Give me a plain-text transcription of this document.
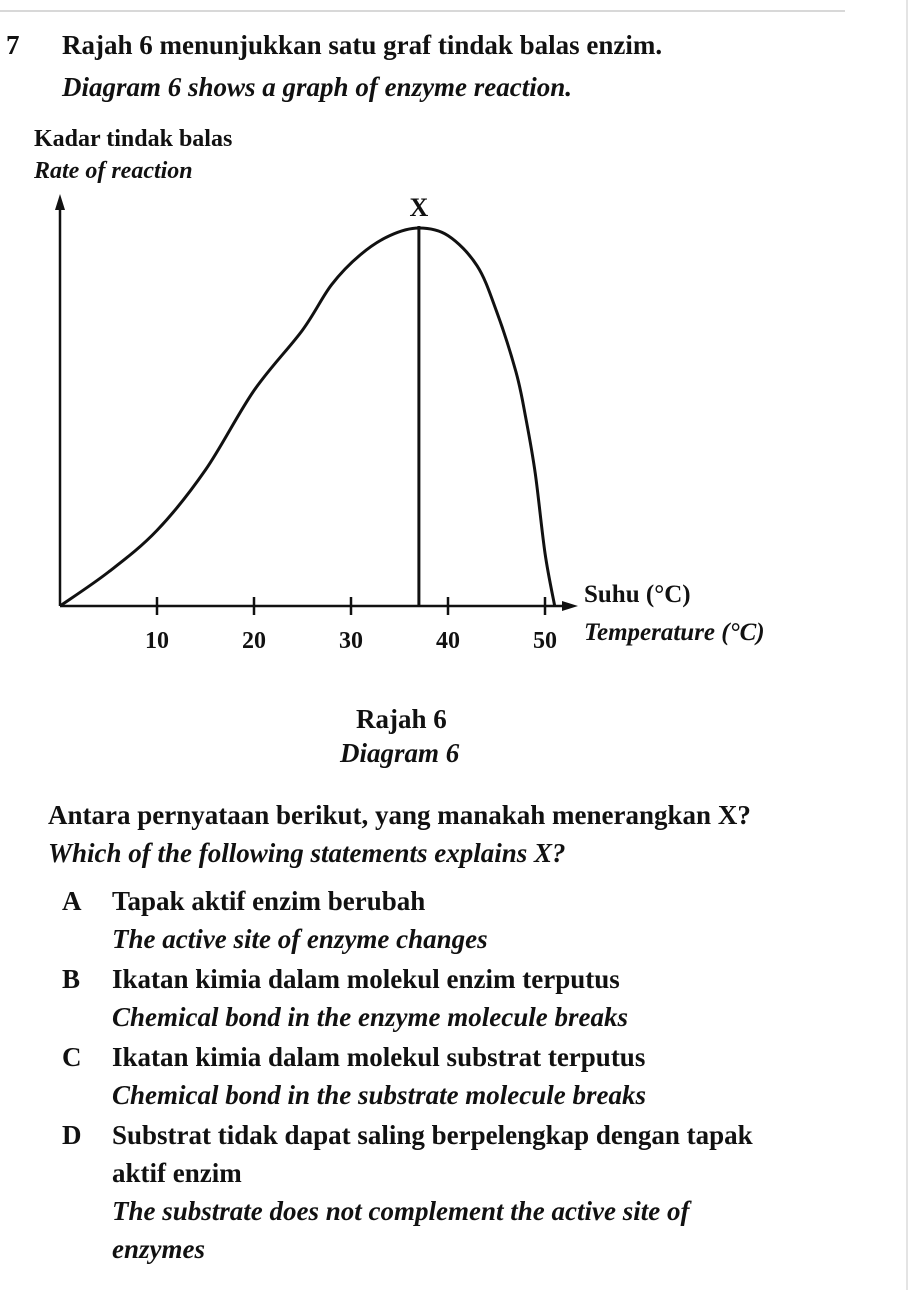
7 Rajah 6 menunjukkan satu graf tindak balas enzim.
Diagram 6 shows a graph of enzyme reaction.
Kadar tindak balas
Rate of reaction
10	20	30	40	50
X
Suhu (°C)
Temperature (°C)
Rajah 6
Diagram 6
Antara pernyataan berikut, yang manakah menerangkan X?
Which of the following statements explains X?
A Tapak aktif enzim berubah
The active site of enzyme changes
B Ikatan kimia dalam molekul enzim terputus
Chemical bond in the enzyme molecule breaks
C Ikatan kimia dalam molekul substrat terputus
Chemical bond in the substrate molecule breaks
D Substrat tidak dapat saling berpelengkap dengan tapak
aktif enzim
The substrate does not complement the active site of
enzymes
